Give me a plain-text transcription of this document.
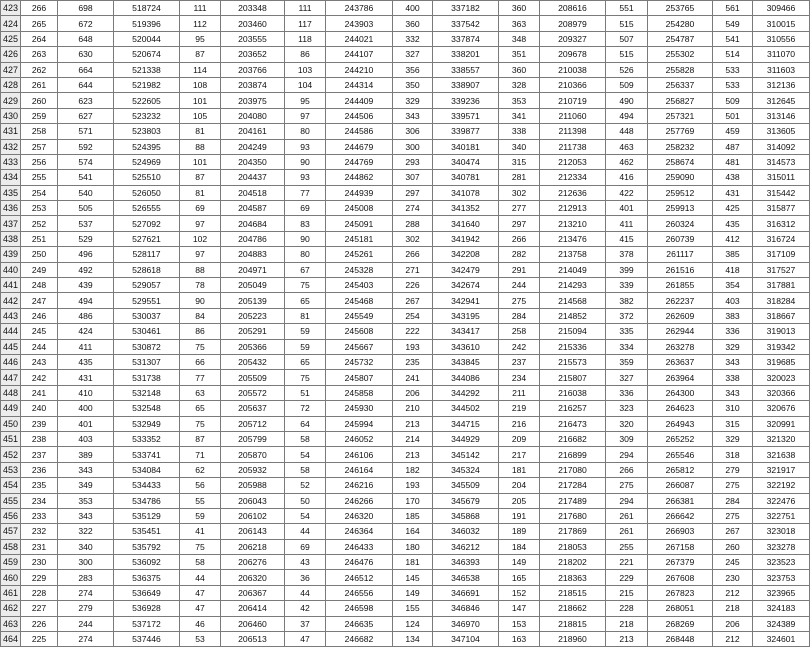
423	266	698	518724	111	203348	111	243786	400	337182	360	208616	551	253765	561	309466
424	265	672	519396	112	203460	117	243903	360	337542	363	208979	515	254280	549	310015
425	264	648	520044	95	203555	118	244021	332	337874	348	209327	507	254787	541	310556
426	263	630	520674	87	203652	86	244107	327	338201	351	209678	515	255302	514	311070
427	262	664	521338	114	203766	103	244210	356	338557	360	210038	526	255828	533	311603
428	261	644	521982	108	203874	104	244314	350	338907	328	210366	509	256337	533	312136
429	260	623	522605	101	203975	95	244409	329	339236	353	210719	490	256827	509	312645
430	259	627	523232	105	204080	97	244506	343	339571	341	211060	494	257321	501	313146
431	258	571	523803	81	204161	80	244586	306	339877	338	211398	448	257769	459	313605
432	257	592	524395	88	204249	93	244679	300	340181	340	211738	463	258232	487	314092
433	256	574	524969	101	204350	90	244769	293	340474	315	212053	462	258674	481	314573
434	255	541	525510	87	204437	93	244862	307	340781	281	212334	416	259090	438	315011
435	254	540	526050	81	204518	77	244939	297	341078	302	212636	422	259512	431	315442
436	253	505	526555	69	204587	69	245008	274	341352	277	212913	401	259913	425	315877
437	252	537	527092	97	204684	83	245091	288	341640	297	213210	411	260324	435	316312
438	251	529	527621	102	204786	90	245181	302	341942	266	213476	415	260739	412	316724
439	250	496	528117	97	204883	80	245261	266	342208	282	213758	378	261117	385	317109
440	249	492	528618	88	204971	67	245328	271	342479	291	214049	399	261516	418	317527
441	248	439	529057	78	205049	75	245403	226	342674	244	214293	339	261855	354	317881
442	247	494	529551	90	205139	65	245468	267	342941	275	214568	382	262237	403	318284
443	246	486	530037	84	205223	81	245549	254	343195	284	214852	372	262609	383	318667
444	245	424	530461	86	205291	59	245608	222	343417	258	215094	335	262944	336	319013
445	244	411	530872	75	205366	59	245667	193	343610	242	215336	334	263278	329	319342
446	243	435	531307	66	205432	65	245732	235	343845	237	215573	359	263637	343	319685
447	242	431	531738	77	205509	75	245807	241	344086	234	215807	327	263964	338	320023
448	241	410	532148	63	205572	51	245858	206	344292	211	216038	336	264300	343	320366
449	240	400	532548	65	205637	72	245930	210	344502	219	216257	323	264623	310	320676
450	239	401	532949	75	205712	64	245994	213	344715	216	216473	320	264943	315	320991
451	238	403	533352	87	205799	58	246052	214	344929	209	216682	309	265252	329	321320
452	237	389	533741	71	205870	54	246106	213	345142	217	216899	294	265546	318	321638
453	236	343	534084	62	205932	58	246164	182	345324	181	217080	266	265812	279	321917
454	235	349	534433	56	205988	52	246216	193	345509	204	217284	275	266087	275	322192
455	234	353	534786	55	206043	50	246266	170	345679	205	217489	294	266381	284	322476
456	233	343	535129	59	206102	54	246320	185	345868	191	217680	261	266642	275	322751
457	232	322	535451	41	206143	44	246364	164	346032	189	217869	261	266903	267	323018
458	231	340	535792	75	206218	69	246433	180	346212	184	218053	255	267158	260	323278
459	230	300	536092	58	206276	43	246476	181	346393	149	218202	221	267379	245	323523
460	229	283	536375	44	206320	36	246512	145	346538	165	218363	229	267608	230	323753
461	228	274	536649	47	206367	44	246556	149	346691	152	218515	215	267823	212	323965
462	227	279	536928	47	206414	42	246598	155	346846	147	218662	228	268051	218	324183
463	226	244	537172	46	206460	37	246635	124	346970	153	218815	218	268269	206	324389
464	225	274	537446	53	206513	47	246682	134	347104	163	218960	213	268448	212	324601
